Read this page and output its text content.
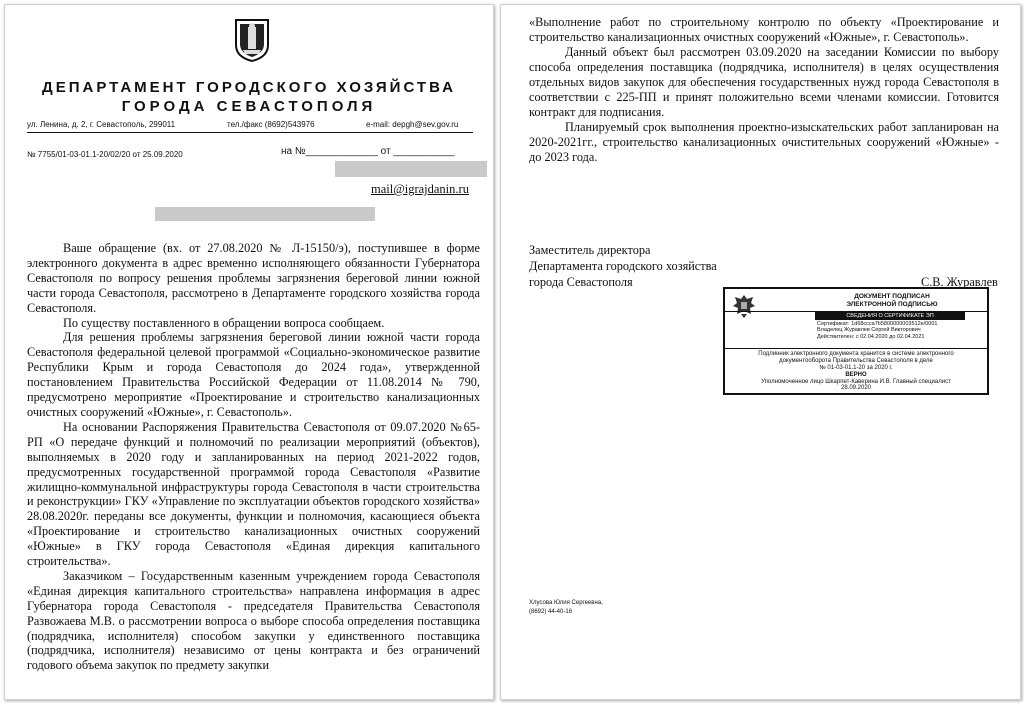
ДЕПАРТАМЕНТ ГОРОДСКОГО ХОЗЯЙСТВА
ГОРОДА СЕВАСТОПОЛЯ
ул. Ленина, д. 2, г. Севастополь, 299011	тел./факс (8692)543976	e-mail: depgh@sev.gov.ru
№ 7755/01-03-01.1-20/02/20 от 25.09.2020	на №_____________ от ___________
mail@igrajdanin.ru

Ваше обращение (вх. от 27.08.2020 № Л-15150/э), поступившее в форме электронного документа в адрес временно исполняющего обязанности Губернатора Севастополя по вопросу решения проблемы загрязнения береговой линии южной части города Севастополя, рассмотрено в Департаменте городского хозяйства города Севастополя.

По существу поставленного в обращении вопроса сообщаем.

Для решения проблемы загрязнения береговой линии южной части города Севастополя федеральной целевой программой «Социально-экономическое развитие Республики Крым и города Севастополя до 2024 года», утвержденной постановлением Правительства Российской Федерации от 11.08.2014 № 790, предусмотрено мероприятие «Проектирование и строительство канализационных очистных сооружений «Южные», г. Севастополь».

На основании Распоряжения Правительства Севастополя от 09.07.2020 №65-РП «О передаче функций и полномочий по реализации мероприятий (объектов), выполняемых в 2020 году и запланированных на период 2021-2022 годов, предусмотренных государственной программой города Севастополя «Развитие жилищно-коммунальной инфраструктуры города Севастополя в части строительства и реконструкции» ГКУ «Управление по эксплуатации объектов городского хозяйства» 28.08.2020г. переданы все документы, функции и полномочия, касающиеся объекта «Проектирование и строительство канализационных очистных сооружений «Южные» в ГКУ города Севастополя «Единая дирекция капитального строительства».

Заказчиком – Государственным казенным учреждением города Севастополя «Единая дирекция капитального строительства» направлена информация в адрес Губернатора города Севастополя - председателя Правительства Севастополя Развожаева М.В. о рассмотрении вопроса о выборе способа определения поставщика (подрядчика, исполнителя) способом закупки у единственного поставщика (подрядчика, исполнителя) независимо от цены контракта и без ограничений годового объема закупок по предмету закупки

«Выполнение работ по строительному контролю по объекту «Проектирование и строительство канализационных очистных сооружений «Южные», г. Севастополь».

Данный объект был рассмотрен 03.09.2020 на заседании Комиссии по выбору способа определения поставщика (подрядчика, исполнителя) в целях осуществления отдельных видов закупок для обеспечения государственных нужд города Севастополя в соответствии с 225-ПП и принят положительно всеми членами комиссии. Готовится контракт для подписания.

Планируемый срок выполнения проектно-изыскательских работ запланирован на 2020-2021гг., строительство канализационных очистительных сооружений «Южные» - до 2023 года.

Заместитель директора
Департамента городского хозяйства
города Севастополя	С.В. Журавлев
ДОКУМЕНТ ПОДПИСАН
ЭЛЕКТРОННОЙ ПОДПИСЬЮ
СВЕДЕНИЯ О СЕРТИФИКАТЕ ЭП
Сертификат: 1d68ccca7b5800000003512e/0001
Владелец Журавлев Сергей Викторович
Действителен: с 02.04.2020 до 02.04.2021
Подлинник электронного документа хранится в системе электронного
документооборота Правительства Севастополя в деле
№ 01-03-01.1-20 за 2020 г.
ВЕРНО
Уполномоченное лицо Шкарпет-Каверина И.В. Главный специалист
28.09.2020
Хлусова Юлия Сергеевна,
(8692) 44-40-16
